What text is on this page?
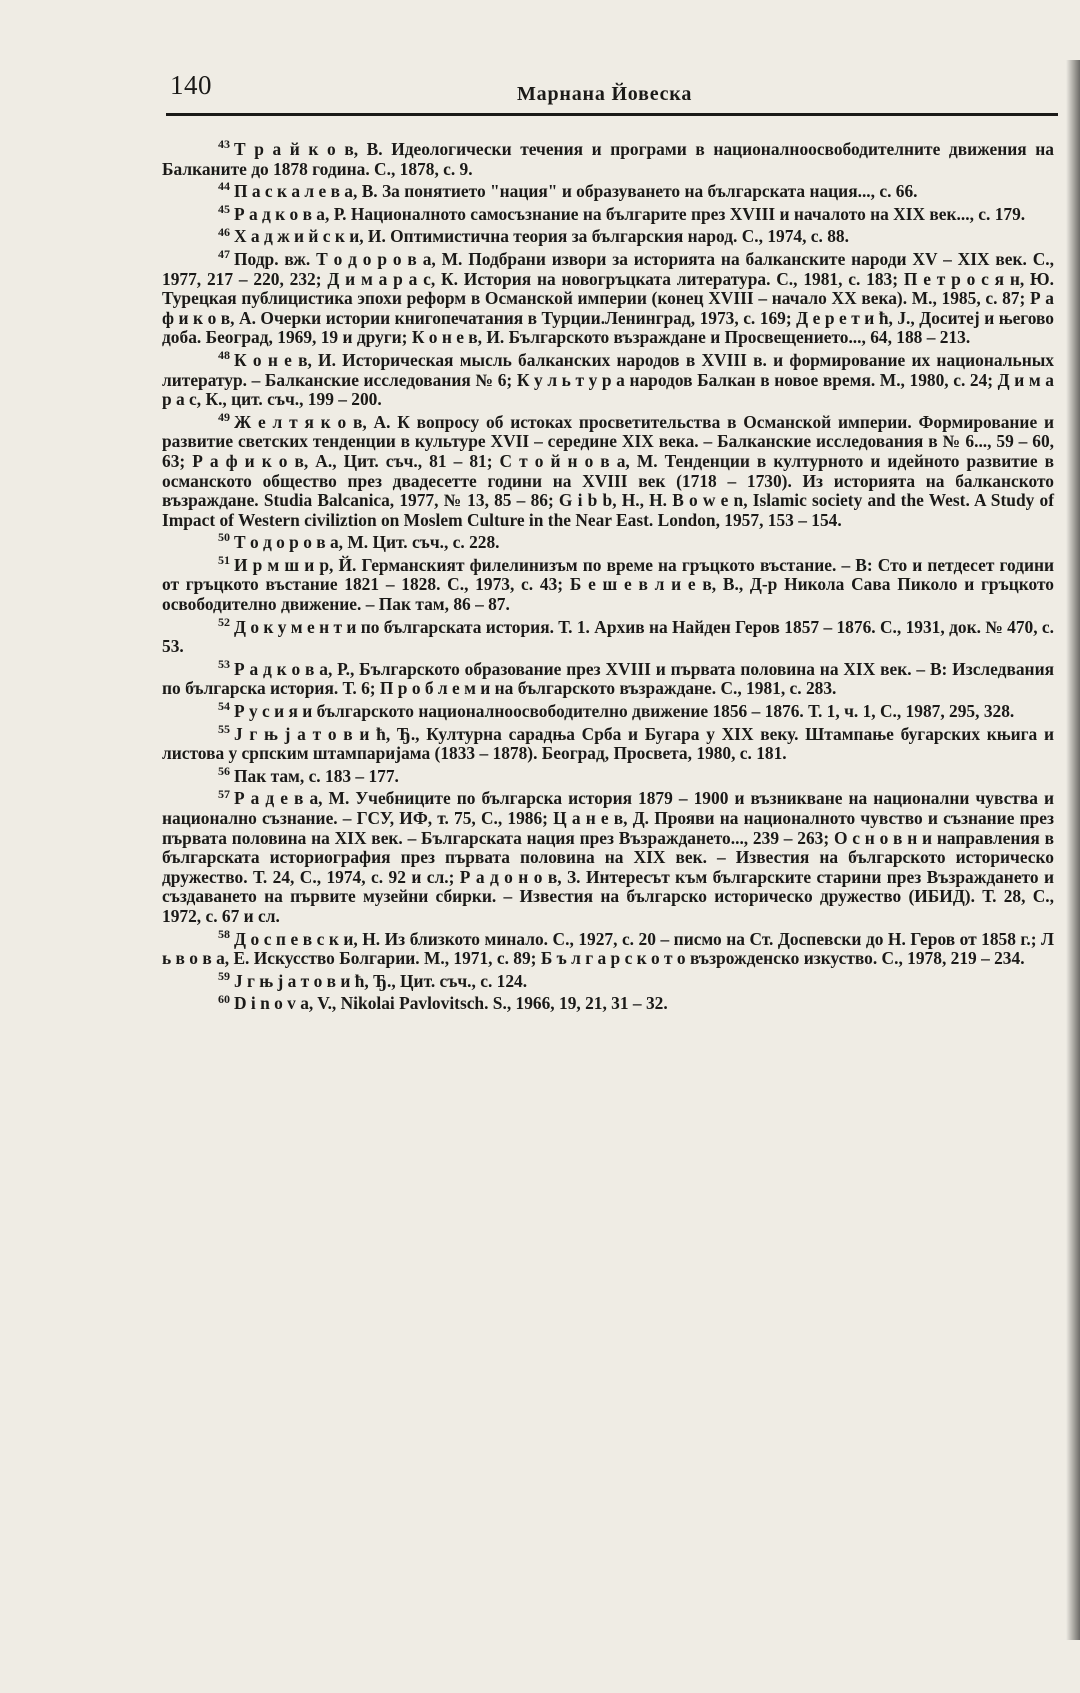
140	Марнана Йовеска
43 Т р а й к о в, В. Идеологически течения и програми в националноосвободителните движения на Балканите до 1878 година. С., 1878, с. 9.
44 П а с к а л е в а, В. За понятието "нация" и образуването на българската нация..., с. 66.
45 Р а д к о в а, Р. Националното самосъзнание на българите през XVIII и началото на XIX век..., с. 179.
46 Х а д ж и й с к и, И. Оптимистична теория за българския народ. С., 1974, с. 88.
47 Подр. вж. Т о д о р о в а, М. Подбрани извори за историята на балканските народи XV – XIX век. С., 1977, 217 – 220, 232; Д и м а р а с, К. История на новогръцката литература. С., 1981, с. 183; П е т р о с я н, Ю. Турецкая публицистика эпохи реформ в Османской империи (конец XVIII – начало XX века). М., 1985, с. 87; Р а ф и к о в, А. Очерки истории книгопечатания в Турции.Ленинград, 1973, с. 169; Д е р е т и ћ, J., Доситеј и његово доба. Београд, 1969, 19 и други; К о н е в, И. Българското възраждане и Просвещението..., 64, 188 – 213.
48 К о н е в, И. Историческая мысль балканских народов в XVIII в. и формирование их национальных литератур. – Балканские исследования № 6; К у л ь т у р а народов Балкан в новое время. М., 1980, с. 24; Д и м а р а с, К., цит. съч., 199 – 200.
49 Ж е л т я к о в, А. К вопросу об истоках просветительства в Османской империи. Формирование и развитие светских тенденции в культуре XVII – середине XIX века. – Балканские исследования в № 6..., 59 – 60, 63; Р а ф и к о в, А., Цит. съч., 81 – 81; С т о й н о в а, М. Тенденции в културното и идейното развитие в османското общество през двадесетте години на XVIII век (1718 – 1730). Из историята на балканското възраждане. Studia Balcanica, 1977, № 13, 85 – 86; G i b b, H., H. B o w e n, Islamic society and the West. A Study of Impact of Western civiliztion on Moslem Culture in the Near East. London, 1957, 153 – 154.
50 Т о д о р о в а, М. Цит. съч., с. 228.
51 И р м ш и р, Й. Германският филелинизъм по време на гръцкото въстание. – В: Сто и петдесет години от гръцкото въстание 1821 – 1828. С., 1973, с. 43; Б е ш е в л и е в, В., Д-р Никола Сава Пиколо и гръцкото освободително движение. – Пак там, 86 – 87.
52 Д о к у м е н т и по българската история. Т. 1. Архив на Найден Геров 1857 – 1876. С., 1931, док. № 470, с. 53.
53 Р а д к о в а, Р., Българското образование през XVIII и първата половина на XIX век. – В: Изследвания по българска история. Т. 6; П р о б л е м и на българското възраждане. С., 1981, с. 283.
54 Р у с и я и българското националноосвободително движение 1856 – 1876. Т. 1, ч. 1, С., 1987, 295, 328.
55 J г њ ј а т о в и ћ, Ђ., Културна сарадња Срба и Бугара у XIX веку. Штампање бугарских књига и листова у српским штампаријама (1833 – 1878). Београд, Просвета, 1980, с. 181.
56 Пак там, с. 183 – 177.
57 Р а д е в а, М. Учебниците по българска история 1879 – 1900 и възникване на национални чувства и национално съзнание. – ГСУ, ИФ, т. 75, С., 1986; Ц а н е в, Д. Прояви на националното чувство и съзнание през първата половина на XIX век. – Българската нация през Възраждането..., 239 – 263; О с н о в н и направления в българската историография през първата половина на XIX век. – Известия на българското историческо дружество. Т. 24, С., 1974, с. 92 и сл.; Р а д о н о в, З. Интересът към българските старини през Възраждането и създаването на първите музейни сбирки. – Известия на българско историческо дружество (ИБИД). Т. 28, С., 1972, с. 67 и сл.
58 Д о с п е в с к и, Н. Из близкото минало. С., 1927, с. 20 – писмо на Ст. Доспевски до Н. Геров от 1858 г.; Л ь в о в а, Е. Искусство Болгарии. М., 1971, с. 89; Б ъ л г а р с к о т о възрожденско изкуство. С., 1978, 219 – 234.
59 J г њ ј а т о в и ћ, Ђ., Цит. съч., с. 124.
60 D i n o v a, V., Nikolai Pavlovitsch. S., 1966, 19, 21, 31 – 32.
